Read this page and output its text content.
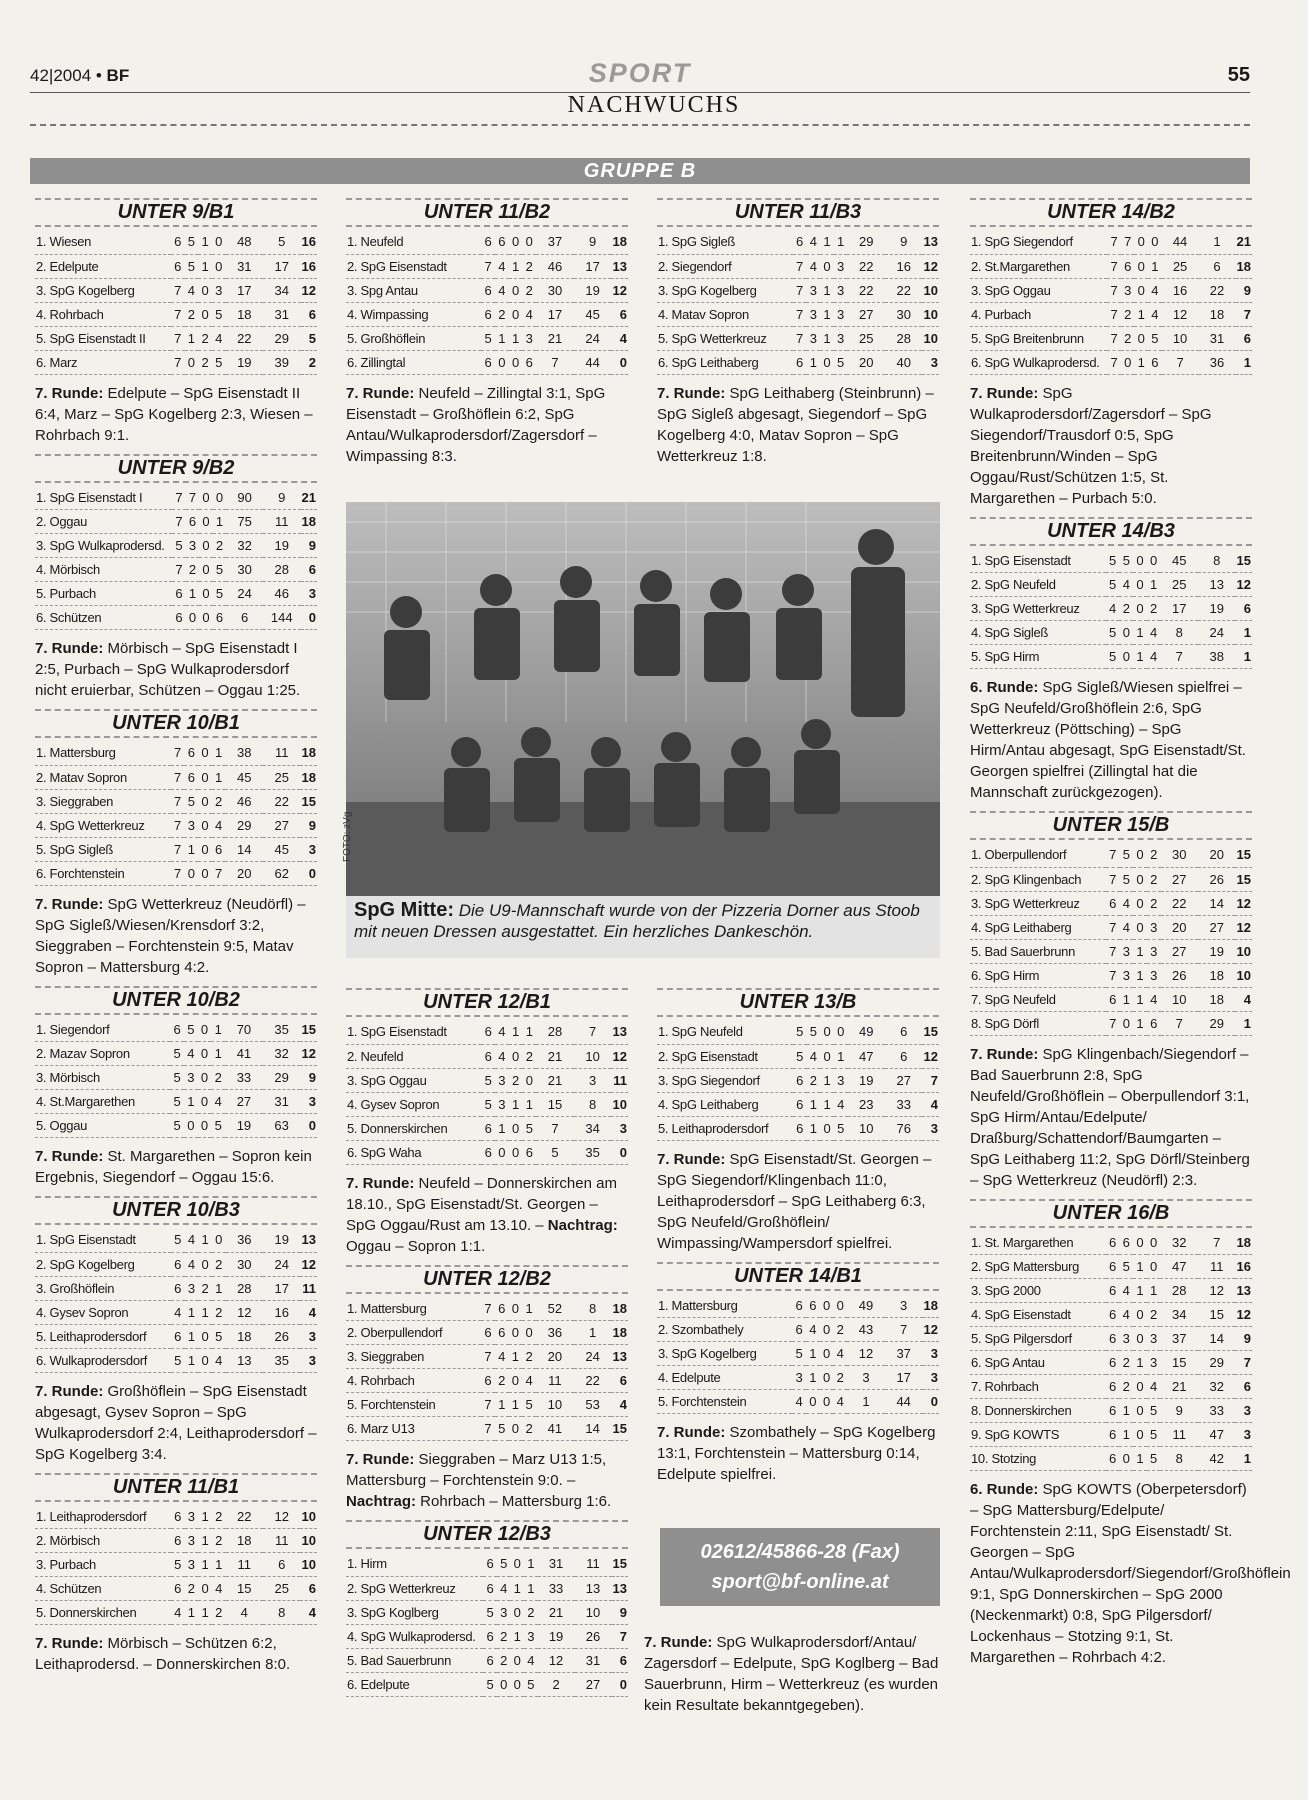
42|2004 • BF	SPORT	55
NACHWUCHS
GRUPPE B
UNTER 9/B1
1. Wiesen	6	5	1	0	48	5	16
2. Edelpute	6	5	1	0	31	17	16
3. SpG Kogelberg	7	4	0	3	17	34	12
4. Rohrbach	7	2	0	5	18	31	6
5. SpG Eisenstadt II	7	1	2	4	22	29	5
6. Marz	7	0	2	5	19	39	2
7. Runde: Edelpute – SpG Eisenstadt II 6:4, Marz – SpG Kogelberg 2:3, Wiesen – Rohrbach 9:1.
UNTER 9/B2
1. SpG Eisenstadt I	7	7	0	0	90	9	21
2. Oggau	7	6	0	1	75	11	18
3. SpG Wulkaprodersd.	5	3	0	2	32	19	9
4. Mörbisch	7	2	0	5	30	28	6
5. Purbach	6	1	0	5	24	46	3
6. Schützen	6	0	0	6	6	144	0
7. Runde: Mörbisch – SpG Eisenstadt I 2:5, Purbach – SpG Wulkaprodersdorf nicht eruierbar, Schützen – Oggau 1:25.
UNTER 10/B1
1. Mattersburg	7	6	0	1	38	11	18
2. Matav Sopron	7	6	0	1	45	25	18
3. Sieggraben	7	5	0	2	46	22	15
4. SpG Wetterkreuz	7	3	0	4	29	27	9
5. SpG Sigleß	7	1	0	6	14	45	3
6. Forchtenstein	7	0	0	7	20	62	0
7. Runde: SpG Wetterkreuz (Neudörfl) – SpG Sigleß/Wiesen/Krensdorf 3:2, Sieggraben – Forchtenstein 9:5, Matav Sopron – Mattersburg 4:2.
UNTER 10/B2
1. Siegendorf	6	5	0	1	70	35	15
2. Mazav Sopron	5	4	0	1	41	32	12
3. Mörbisch	5	3	0	2	33	29	9
4. St.Margarethen	5	1	0	4	27	31	3
5. Oggau	5	0	0	5	19	63	0
7. Runde: St. Margarethen – Sopron kein Ergebnis, Siegendorf – Oggau 15:6.
UNTER 10/B3
1. SpG Eisenstadt	5	4	1	0	36	19	13
2. SpG Kogelberg	6	4	0	2	30	24	12
3. Großhöflein	6	3	2	1	28	17	11
4. Gysev Sopron	4	1	1	2	12	16	4
5. Leithaprodersdorf	6	1	0	5	18	26	3
6. Wulkaprodersdorf	5	1	0	4	13	35	3
7. Runde: Großhöflein – SpG Eisenstadt abgesagt, Gysev Sopron – SpG Wulkaprodersdorf 2:4, Leithaprodersdorf – SpG Kogelberg 3:4.
UNTER 11/B1
1. Leithaprodersdorf	6	3	1	2	22	12	10
2. Mörbisch	6	3	1	2	18	11	10
3. Purbach	5	3	1	1	11	6	10
4. Schützen	6	2	0	4	15	25	6
5. Donnerskirchen	4	1	1	2	4	8	4
7. Runde: Mörbisch – Schützen 6:2, Leithaprodersd. – Donnerskirchen 8:0.
UNTER 11/B2
1. Neufeld	6	6	0	0	37	9	18
2. SpG Eisenstadt	7	4	1	2	46	17	13
3. Spg Antau	6	4	0	2	30	19	12
4. Wimpassing	6	2	0	4	17	45	6
5. Großhöflein	5	1	1	3	21	24	4
6. Zillingtal	6	0	0	6	7	44	0
7. Runde: Neufeld – Zillingtal 3:1, SpG Eisenstadt – Großhöflein 6:2, SpG Antau/Wulkaprodersdorf/Zagersdorf – Wimpassing 8:3.
UNTER 11/B3
1. SpG Sigleß	6	4	1	1	29	9	13
2. Siegendorf	7	4	0	3	22	16	12
3. SpG Kogelberg	7	3	1	3	22	22	10
4. Matav Sopron	7	3	1	3	27	30	10
5. SpG Wetterkreuz	7	3	1	3	25	28	10
6. SpG Leithaberg	6	1	0	5	20	40	3
7. Runde: SpG Leithaberg (Steinbrunn) – SpG Sigleß abgesagt, Siegendorf – SpG Kogelberg 4:0, Matav Sopron – SpG Wetterkreuz 1:8.
UNTER 14/B2
1. SpG Siegendorf	7	7	0	0	44	1	21
2. St.Margarethen	7	6	0	1	25	6	18
3. SpG Oggau	7	3	0	4	16	22	9
4. Purbach	7	2	1	4	12	18	7
5. SpG Breitenbrunn	7	2	0	5	10	31	6
6. SpG Wulkaprodersd.	7	0	1	6	7	36	1
7. Runde: SpG Wulkaprodersdorf/Zagersdorf – SpG Siegendorf/Trausdorf 0:5, SpG Breitenbrunn/Winden – SpG Oggau/Rust/Schützen 1:5, St. Margarethen – Purbach 5:0.
UNTER 14/B3
1. SpG Eisenstadt	5	5	0	0	45	8	15
2. SpG Neufeld	5	4	0	1	25	13	12
3. SpG Wetterkreuz	4	2	0	2	17	19	6
4. SpG Sigleß	5	0	1	4	8	24	1
5. SpG Hirm	5	0	1	4	7	38	1
6. Runde: SpG Sigleß/Wiesen spielfrei – SpG Neufeld/Großhöflein 2:6, SpG Wetterkreuz (Pöttsching) – SpG Hirm/Antau abgesagt, SpG Eisenstadt/St. Georgen spielfrei (Zillingtal hat die Mannschaft zurückgezogen).
UNTER 15/B
1. Oberpullendorf	7	5	0	2	30	20	15
2. SpG Klingenbach	7	5	0	2	27	26	15
3. SpG Wetterkreuz	6	4	0	2	22	14	12
4. SpG Leithaberg	7	4	0	3	20	27	12
5. Bad Sauerbrunn	7	3	1	3	27	19	10
6. SpG Hirm	7	3	1	3	26	18	10
7. SpG Neufeld	6	1	1	4	10	18	4
8. SpG Dörfl	7	0	1	6	7	29	1
7. Runde: SpG Klingenbach/Siegendorf – Bad Sauerbrunn 2:8, SpG Neufeld/Großhöflein – Oberpullendorf 3:1, SpG Hirm/Antau/Edelpute/ Draßburg/Schattendorf/Baumgarten – SpG Leithaberg 11:2, SpG Dörfl/Steinberg – SpG Wetterkreuz (Neudörfl) 2:3.
UNTER 16/B
1. St. Margarethen	6	6	0	0	32	7	18
2. SpG Mattersburg	6	5	1	0	47	11	16
3. SpG 2000	6	4	1	1	28	12	13
4. SpG Eisenstadt	6	4	0	2	34	15	12
5. SpG Pilgersdorf	6	3	0	3	37	14	9
6. SpG Antau	6	2	1	3	15	29	7
7. Rohrbach	6	2	0	4	21	32	6
8. Donnerskirchen	6	1	0	5	9	33	3
9. SpG KOWTS	6	1	0	5	11	47	3
10. Stotzing	6	0	1	5	8	42	1
6. Runde: SpG KOWTS (Oberpetersdorf) – SpG Mattersburg/Edelpute/ Forchtenstein 2:11, SpG Eisenstadt/ St. Georgen – SpG Antau/Wulkaprodersdorf/Siegendorf/Großhöflein 9:1, SpG Donnerskirchen – SpG 2000 (Neckenmarkt) 0:8, SpG Pilgersdorf/ Lockenhaus – Stotzing 9:1, St. Margarethen – Rohrbach 4:2.
FOTO: zVg
SpG Mitte: Die U9-Mannschaft wurde von der Pizzeria Dorner aus Stoob mit neuen Dressen ausgestattet. Ein herzliches Dankeschön.
UNTER 12/B1
1. SpG Eisenstadt	6	4	1	1	28	7	13
2. Neufeld	6	4	0	2	21	10	12
3. SpG Oggau	5	3	2	0	21	3	11
4. Gysev Sopron	5	3	1	1	15	8	10
5. Donnerskirchen	6	1	0	5	7	34	3
6. SpG Waha	6	0	0	6	5	35	0
7. Runde: Neufeld – Donnerskirchen am 18.10., SpG Eisenstadt/St. Georgen – SpG Oggau/Rust am 13.10. – Nachtrag: Oggau – Sopron 1:1.
UNTER 12/B2
1. Mattersburg	7	6	0	1	52	8	18
2. Oberpullendorf	6	6	0	0	36	1	18
3. Sieggraben	7	4	1	2	20	24	13
4. Rohrbach	6	2	0	4	11	22	6
5. Forchtenstein	7	1	1	5	10	53	4
6. Marz U13	7	5	0	2	41	14	15
7. Runde: Sieggraben – Marz U13 1:5, Mattersburg – Forchtenstein 9:0. – Nachtrag: Rohrbach – Mattersburg 1:6.
UNTER 12/B3
1. Hirm	6	5	0	1	31	11	15
2. SpG Wetterkreuz	6	4	1	1	33	13	13
3. SpG Koglberg	5	3	0	2	21	10	9
4. SpG Wulkaprodersd.	6	2	1	3	19	26	7
5. Bad Sauerbrunn	6	2	0	4	12	31	6
6. Edelpute	5	0	0	5	2	27	0
UNTER 13/B
1. SpG Neufeld	5	5	0	0	49	6	15
2. SpG Eisenstadt	5	4	0	1	47	6	12
3. SpG Siegendorf	6	2	1	3	19	27	7
4. SpG Leithaberg	6	1	1	4	23	33	4
5. Leithaprodersdorf	6	1	0	5	10	76	3
7. Runde: SpG Eisenstadt/St. Georgen – SpG Siegendorf/Klingenbach 11:0, Leithaprodersdorf – SpG Leithaberg 6:3, SpG Neufeld/Großhöflein/ Wimpassing/Wampersdorf spielfrei.
UNTER 14/B1
1. Mattersburg	6	6	0	0	49	3	18
2. Szombathely	6	4	0	2	43	7	12
3. SpG Kogelberg	5	1	0	4	12	37	3
4. Edelpute	3	1	0	2	3	17	3
5. Forchtenstein	4	0	0	4	1	44	0
7. Runde: Szombathely – SpG Kogelberg 13:1, Forchtenstein – Mattersburg 0:14, Edelpute spielfrei.
02612/45866-28 (Fax)
sport@bf-online.at
7. Runde: SpG Wulkaprodersdorf/Antau/ Zagersdorf – Edelpute, SpG Koglberg – Bad Sauerbrunn, Hirm – Wetterkreuz (es wurden kein Resultate bekanntgegeben).
